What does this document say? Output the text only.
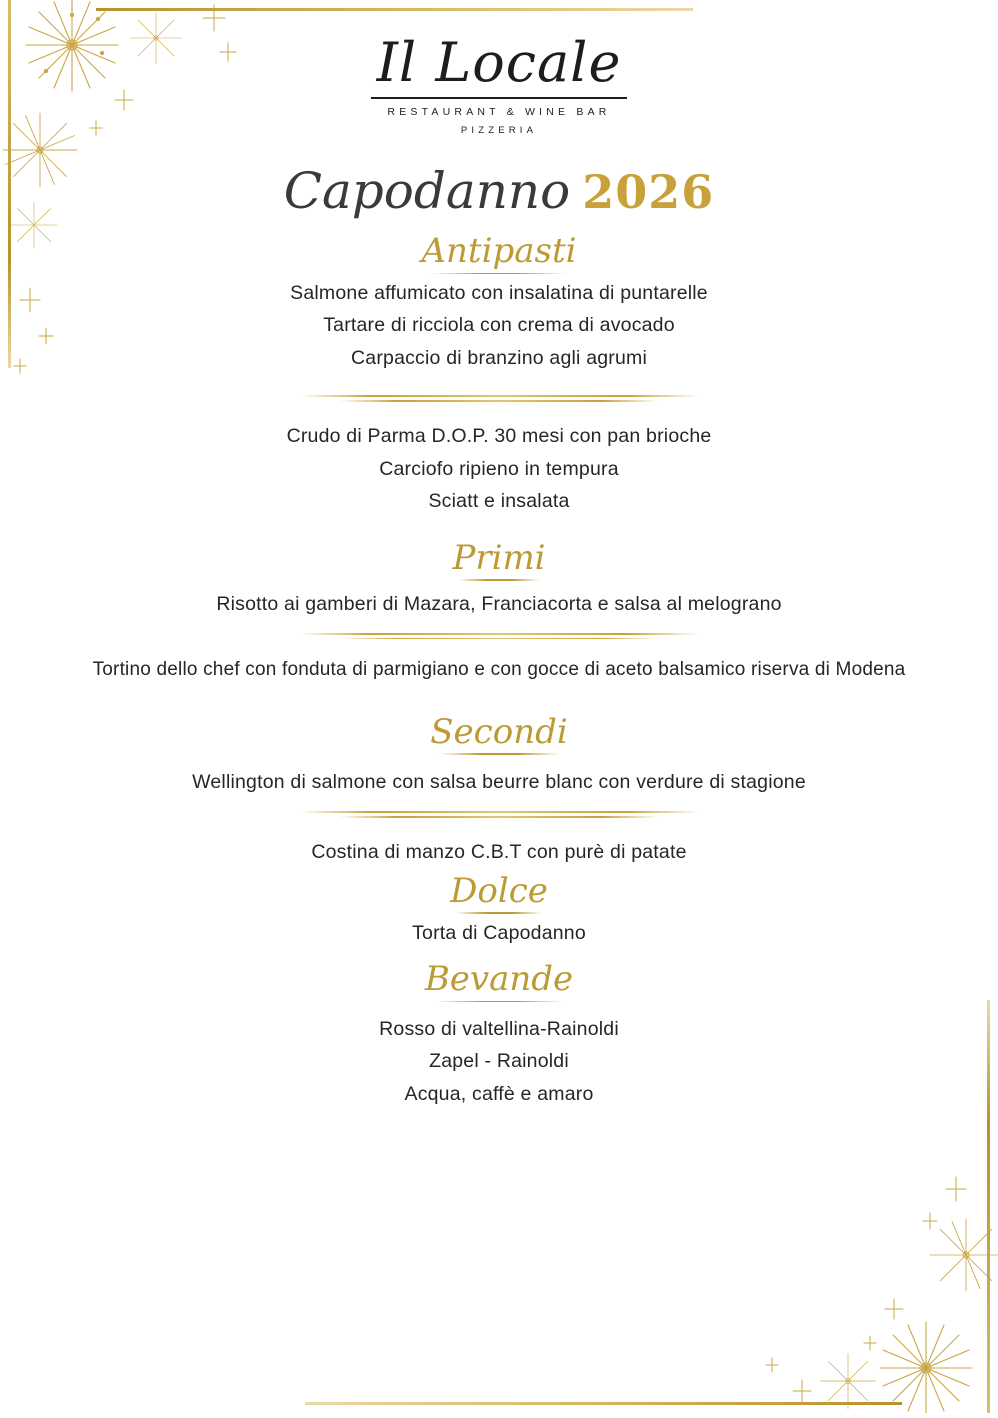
Il Locale
RESTAURANT & WINE BAR
PIZZERIA
Capodanno 2026
Antipasti
Salmone affumicato con insalatina di puntarelle
Tartare di ricciola con crema di avocado
Carpaccio di branzino agli agrumi
Crudo di Parma D.O.P. 30 mesi con pan brioche
Carciofo ripieno in tempura
Sciatt e insalata
Primi
Risotto ai gamberi di Mazara, Franciacorta e salsa al melograno
Tortino dello chef con fonduta di parmigiano e con gocce di aceto balsamico riserva di Modena
Secondi
Wellington di salmone con salsa beurre blanc con verdure di stagione
Costina di manzo C.B.T con purè di patate
Dolce
Torta di Capodanno
Bevande
Rosso di valtellina-Rainoldi
Zapel - Rainoldi
Acqua, caffè e amaro
